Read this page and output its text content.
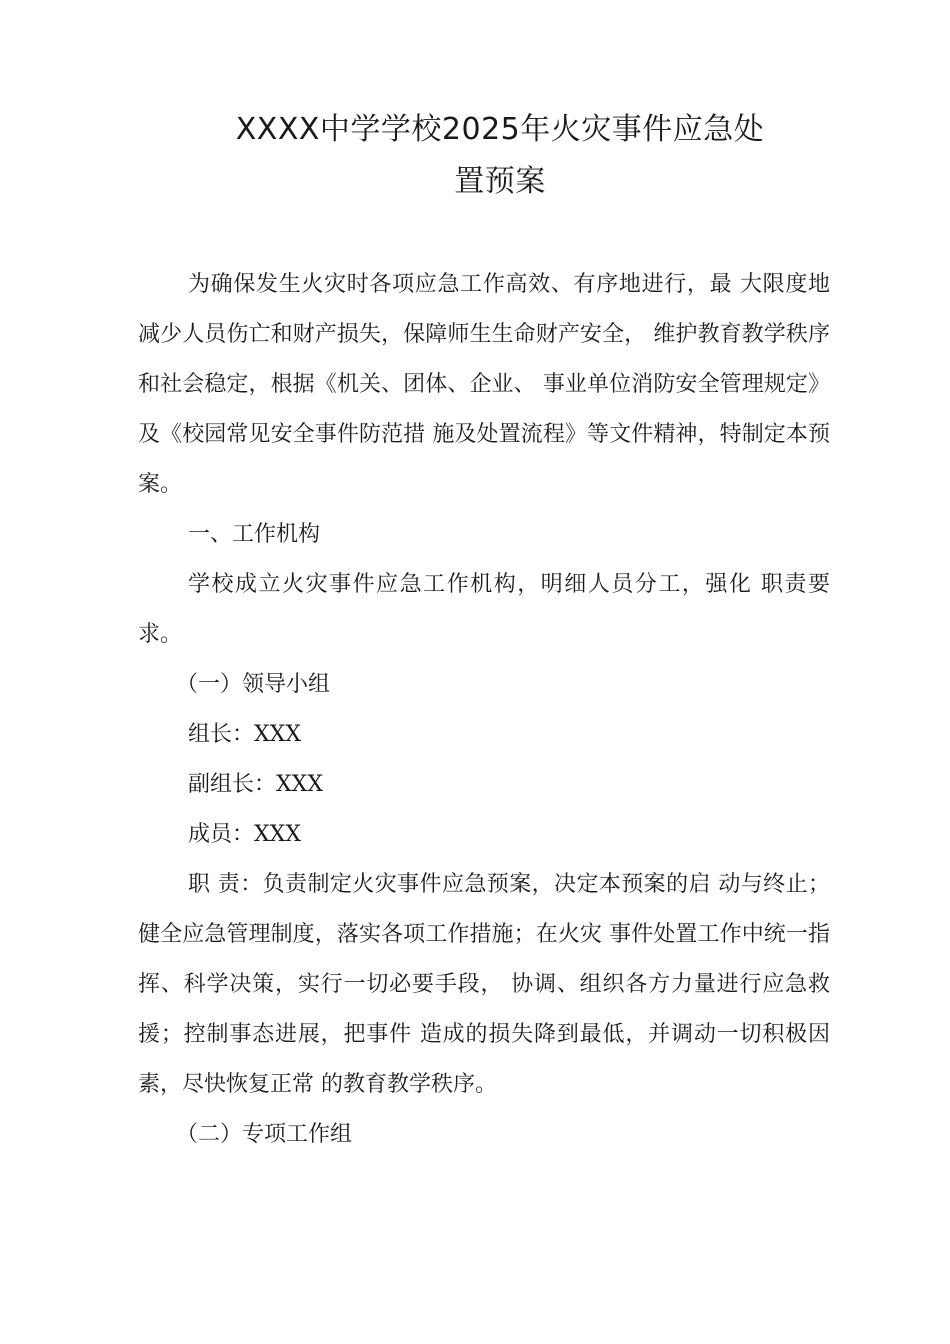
XXXX中学学校2025年火灾事件应急处
置预案

为确保发生火灾时各项应急工作高效、有序地进行，最 大限度地减少人员伤亡和财产损失，保障师生生命财产安全， 维护教育教学秩序和社会稳定，根据《机关、团体、企业、 事业单位消防安全管理规定》及《校园常见安全事件防范措 施及处置流程》等文件精神，特制定本预案。

一、工作机构

学校成立火灾事件应急工作机构，明细人员分工，强化 职责要求。

（一）领导小组

组长：XXX

副组长：XXX

成员：XXX

职 责：负责制定火灾事件应急预案，决定本预案的启 动与终止；健全应急管理制度，落实各项工作措施；在火灾 事件处置工作中统一指挥、科学决策，实行一切必要手段， 协调、组织各方力量进行应急救援；控制事态进展，把事件 造成的损失降到最低，并调动一切积极因素，尽快恢复正常 的教育教学秩序。

（二）专项工作组
